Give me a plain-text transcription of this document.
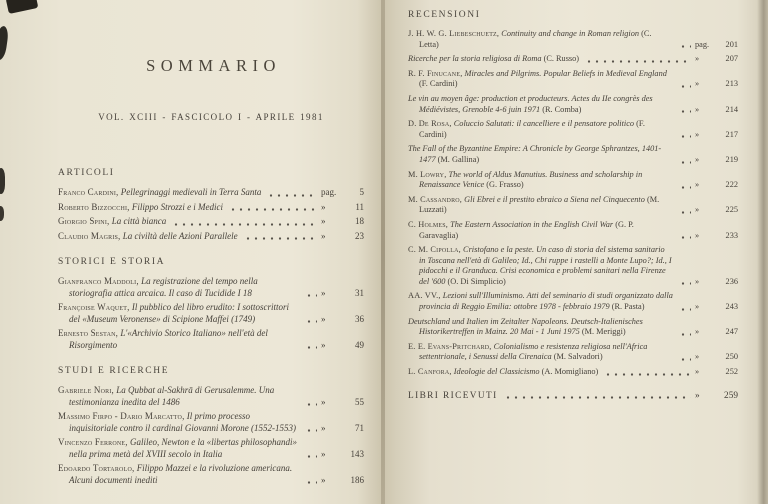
SOMMARIO

VOL. XCIII - FASCICOLO I - APRILE 1981

ARTICOLI
Franco Cardini, Pellegrinaggi medievali in Terra Santa	pag.	5
Roberto Bizzocchi, Filippo Strozzi e i Medici	»	11
Giorgio Spini, La città bianca	»	18
Claudio Magris, La civiltà delle Azioni Parallele	»	23
STORICI E STORIA
Gianfranco Maddoli, La registrazione del tempo nella storiografia attica arcaica. Il caso di Tucidide I 18	»	31
Françoise Waquet, Il pubblico del libro erudito: I sottoscrittori del «Museum Veronense» di Scipione Maffei (1749)	»	36
Ernesto Sestan, L'«Archivio Storico Italiano» nell'età del Risorgimento	»	49
STUDI E RICERCHE
Gabriele Nori, La Qubbat al-Sakhrā di Gerusalemme. Una testimonianza inedita del 1486	»	55
Massimo Firpo - Dario Marcatto, Il primo processo inquisitoriale contro il cardinal Giovanni Morone (1552-1553)	»	71
Vincenzo Ferrone, Galileo, Newton e la «libertas philosophandi» nella prima metà del XVIII secolo in Italia	»	143
Edoardo Tortarolo, Filippo Mazzei e la rivoluzione americana. Alcuni documenti inediti	»	186
RECENSIONI
J. H. W. G. Liebeschuetz, Continuity and change in Roman religion (C. Letta)	pag.	201
Ricerche per la storia religiosa di Roma (C. Russo)	»	207
R. F. Finucane, Miracles and Pilgrims. Popular Beliefs in Medieval England (F. Cardini)	»	213
Le vin au moyen âge: production et producteurs. Actes du IIe congrès des Médiévistes, Grenoble 4-6 juin 1971 (R. Comba)	»	214
D. De Rosa, Coluccio Salutati: il cancelliere e il pensatore politico (F. Cardini)	»	217
The Fall of the Byzantine Empire: A Chronicle by George Sphrantzes, 1401-1477 (M. Gallina)	»	219
M. Lowry, The world of Aldus Manutius. Business and scholarship in Renaissance Venice (G. Frasso)	»	222
M. Cassandro, Gli Ebrei e il prestito ebraico a Siena nel Cinquecento (M. Luzzati)	»	225
C. Holmes, The Eastern Association in the English Civil War (G. P. Garavaglia)	»	233
C. M. Cipolla, Cristofano e la peste. Un caso di storia del sistema sanitario in Toscana nell'età di Galileo; Id., Chi ruppe i rastelli a Monte Lupo?; Id., I pidocchi e il Granduca. Crisi economica e problemi sanitari nella Firenze del '600 (O. Di Simplicio)	»	236
AA. VV., Lezioni sull'Illuminismo. Atti del seminario di studi organizzato dalla provincia di Reggio Emilia: ottobre 1978 - febbraio 1979 (R. Pasta)	»	243
Deutschland und Italien im Zeitalter Napoleons. Deutsch-Italienisches Historikertreffen in Mainz. 20 Mai - 1 Juni 1975 (M. Meriggi)	»	247
E. E. Evans-Pritchard, Colonialismo e resistenza religiosa nell'Africa settentrionale, i Senussi della Cirenaica (M. Salvadori)	»	250
L. Canfora, Ideologie del Classicismo (A. Momigliano)	»	252
LIBRI RICEVUTI	»	259
